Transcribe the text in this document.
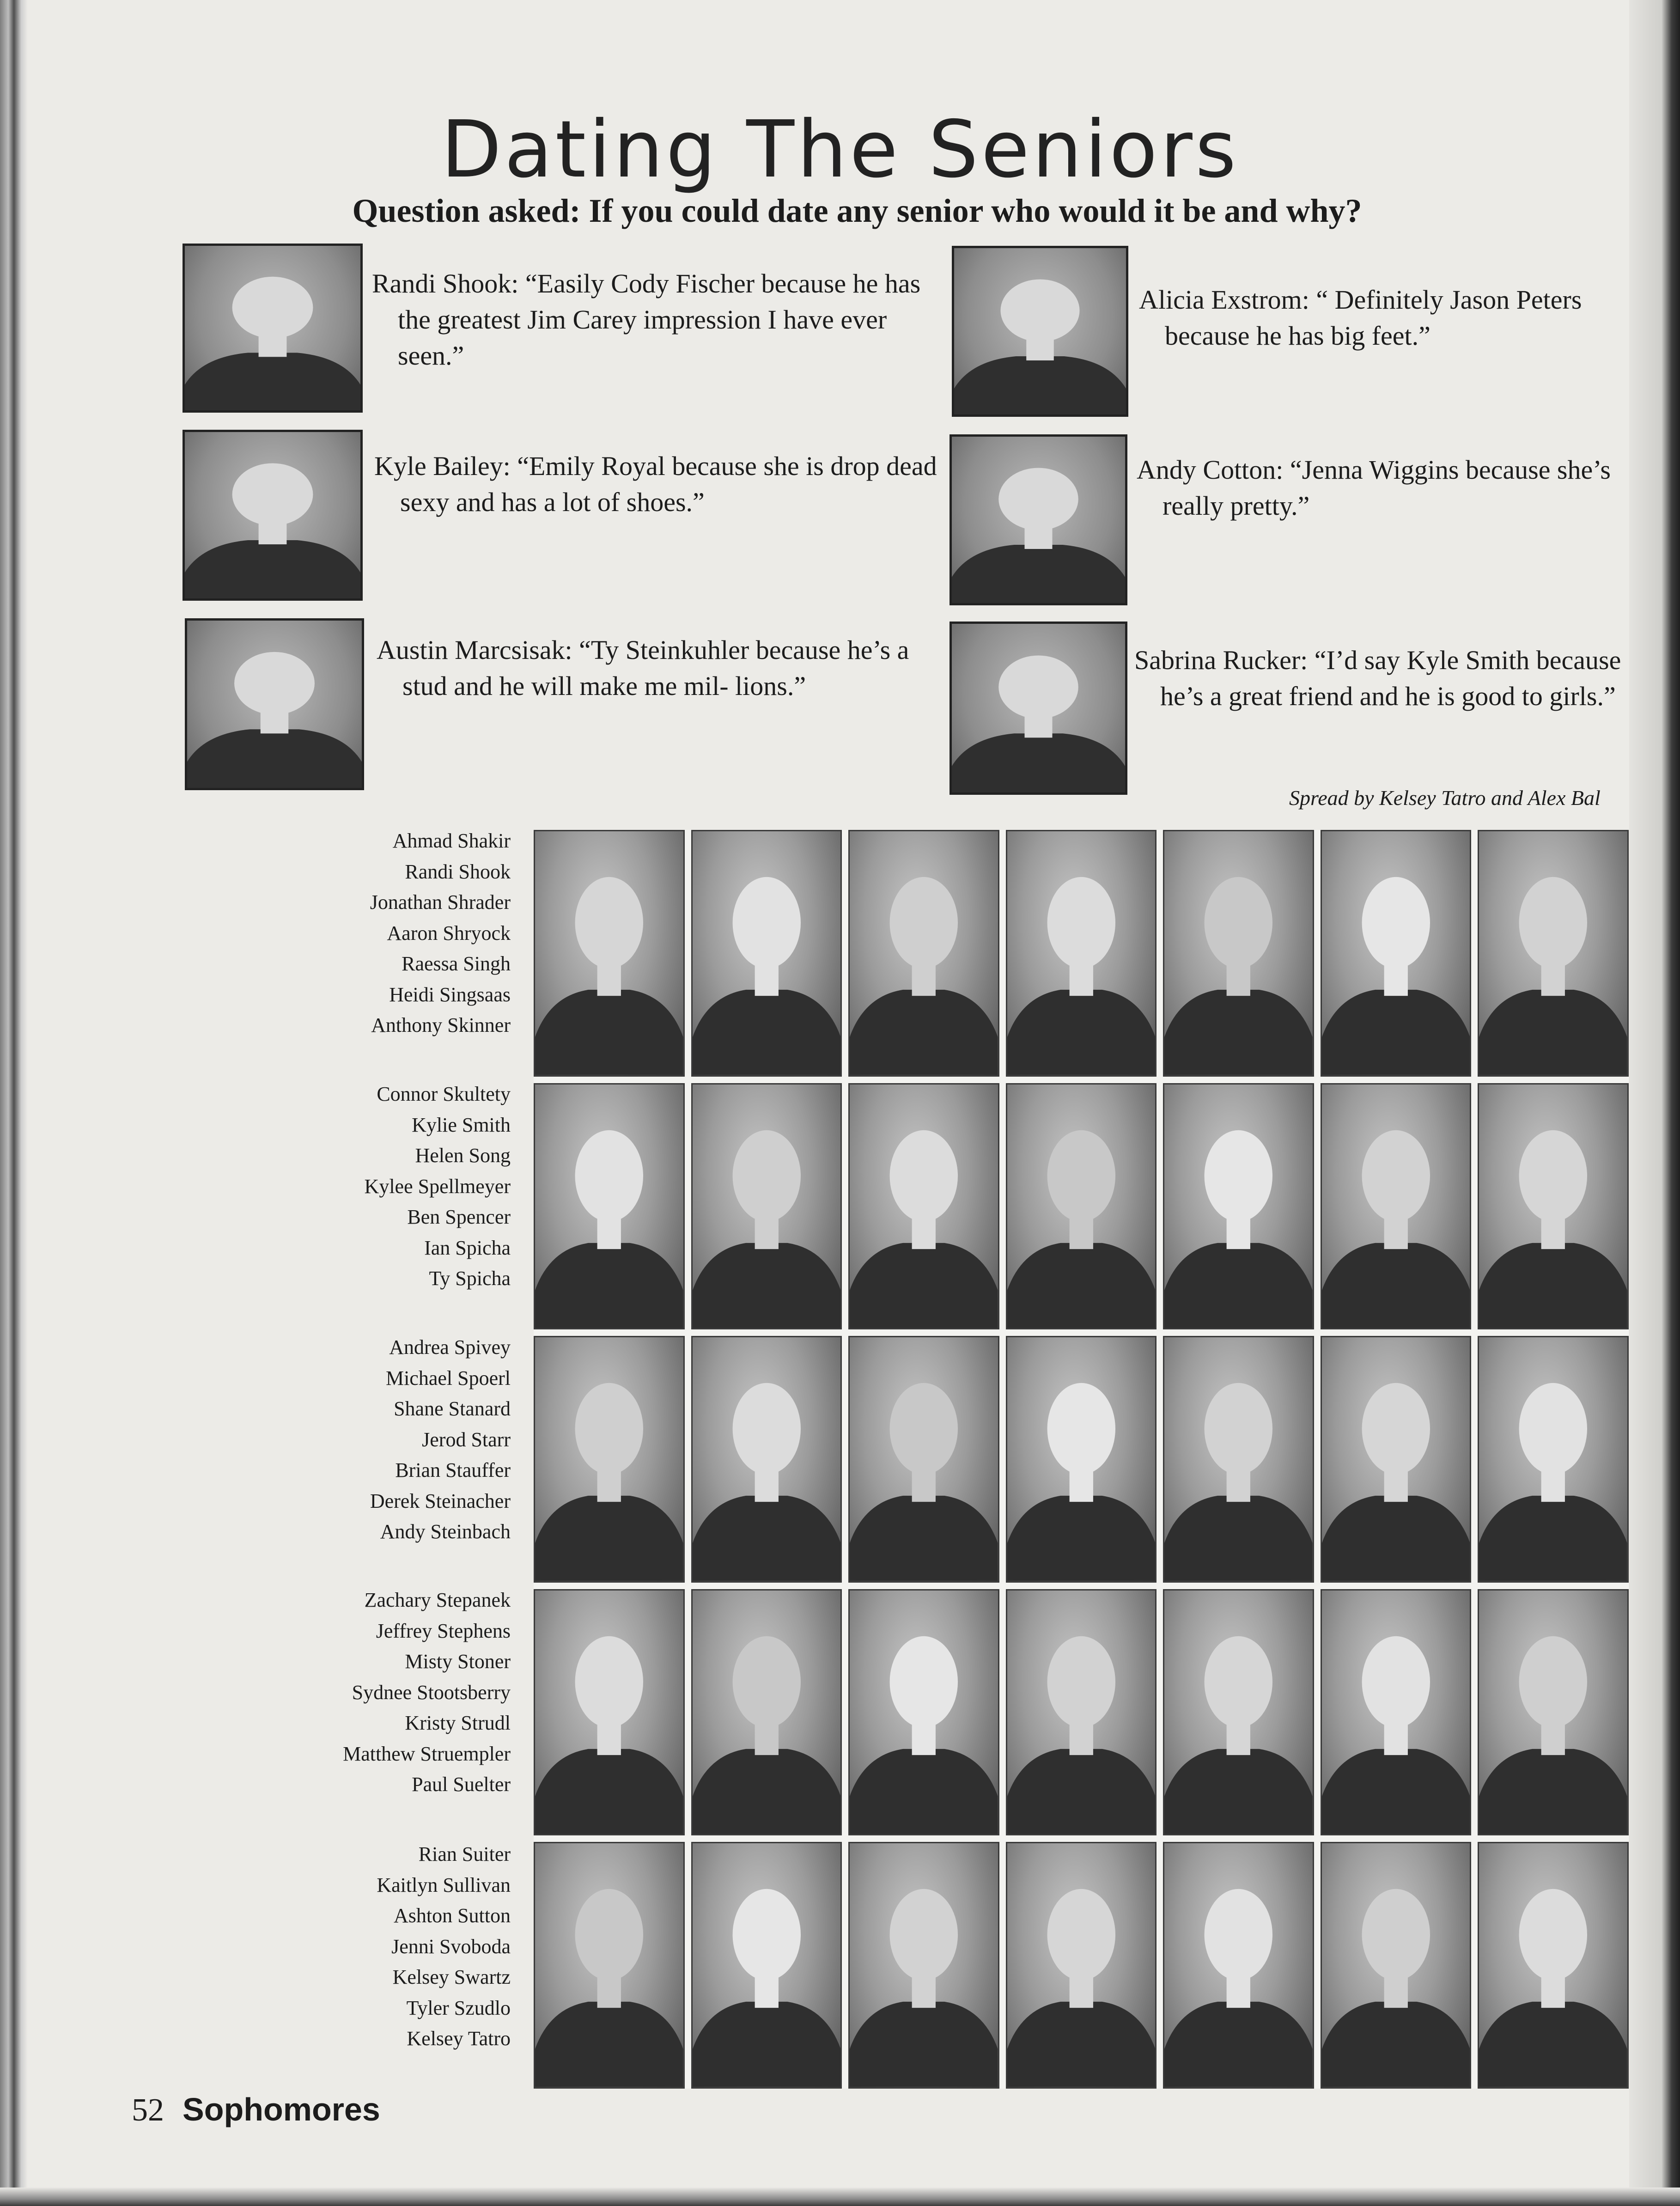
Dating The Seniors
Question asked: If you could date any senior who would it be and why?
Randi Shook: “Easily Cody Fischer because he has the greatest Jim Carey impression I have ever seen.”
Kyle Bailey: “Emily Royal because she is drop dead sexy and has a lot of shoes.”
Austin Marcsisak: “Ty Steinkuhler because he’s a stud and he will make me mil- lions.”
Alicia Exstrom: “ Definitely Jason Peters because he has big feet.”
Andy Cotton: “Jenna Wiggins because she’s really pretty.”
Sabrina Rucker: “I’d say Kyle Smith because he’s a great friend and he is good to girls.”
Spread by Kelsey Tatro and Alex Bal
Ahmad Shakir
Randi Shook
Jonathan Shrader
Aaron Shryock
Raessa Singh
Heidi Singsaas
Anthony Skinner
Connor Skultety
Kylie Smith
Helen Song
Kylee Spellmeyer
Ben Spencer
Ian Spicha
Ty Spicha
Andrea Spivey
Michael Spoerl
Shane Stanard
Jerod Starr
Brian Stauffer
Derek Steinacher
Andy Steinbach
Zachary Stepanek
Jeffrey Stephens
Misty Stoner
Sydnee Stootsberry
Kristy Strudl
Matthew Struempler
Paul Suelter
Rian Suiter
Kaitlyn Sullivan
Ashton Sutton
Jenni Svoboda
Kelsey Swartz
Tyler Szudlo
Kelsey Tatro
52 Sophomores
